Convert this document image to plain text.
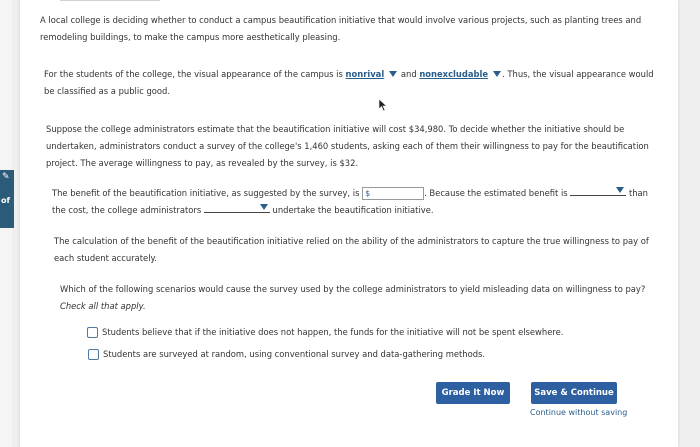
✎
of
A local college is deciding whether to conduct a campus beautification initiative that would involve various projects, such as planting trees and remodeling buildings, to make the campus more aesthetically pleasing.
For the students of the college, the visual appearance of the campus is nonrival
and nonexcludable . Thus, the visual appearance would be classified as a public good.
Suppose the college administrators estimate that the beautification initiative will cost $34,980. To decide whether the initiative should be undertaken, administrators conduct a survey of the college's 1,460 students, asking each of them their willingness to pay for the beautification project. The average willingness to pay, as revealed by the survey, is $32.
The benefit of the beautification initiative, as suggested by the survey, is $	. Because the estimated benefit is	than the cost, the college administrators	undertake the beautification initiative.
The calculation of the benefit of the beautification initiative relied on the ability of the administrators to capture the true willingness to pay of each student accurately.
Which of the following scenarios would cause the survey used by the college administrators to yield misleading data on willingness to pay? Check all that apply.
Students believe that if the initiative does not happen, the funds for the initiative will not be spent elsewhere.
Students are surveyed at random, using conventional survey and data-gathering methods.
Grade It Now	Save & Continue
Continue without saving
